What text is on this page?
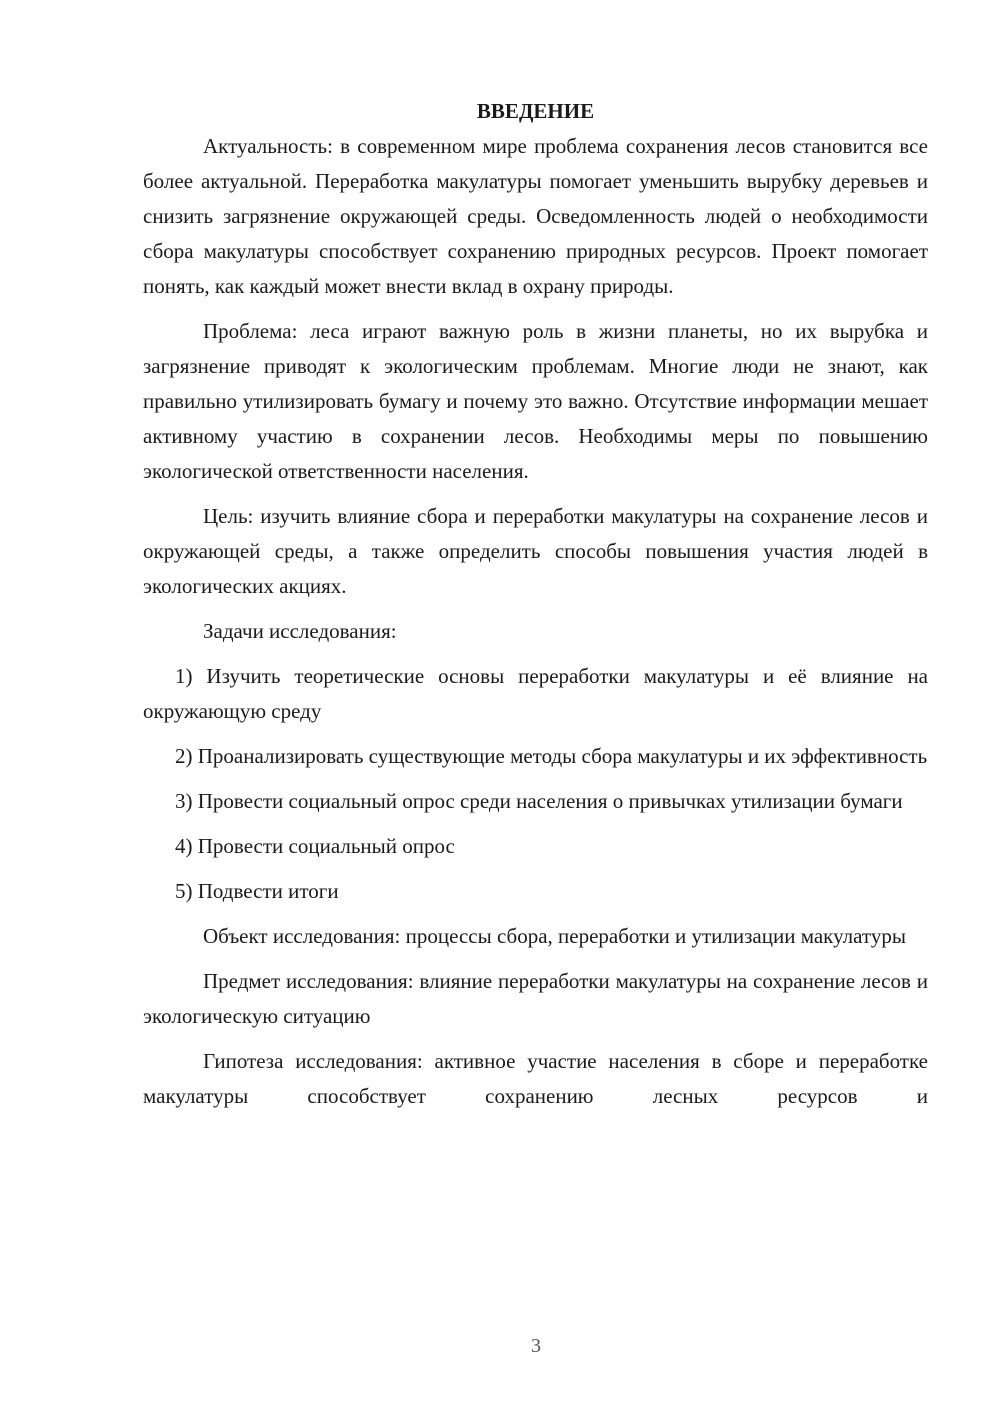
ВВЕДЕНИЕ

Актуальность: в современном мире проблема сохранения лесов становится все более актуальной. Переработка макулатуры помогает уменьшить вырубку деревьев и снизить загрязнение окружающей среды. Осведомленность людей о необходимости сбора макулатуры способствует сохранению природных ресурсов. Проект помогает понять, как каждый может внести вклад в охрану природы.

Проблема: леса играют важную роль в жизни планеты, но их вырубка и загрязнение приводят к экологическим проблемам. Многие люди не знают, как правильно утилизировать бумагу и почему это важно. Отсутствие информации мешает активному участию в сохранении лесов. Необходимы меры по повышению экологической ответственности населения.

Цель: изучить влияние сбора и переработки макулатуры на сохранение лесов и окружающей среды, а также определить способы повышения участия людей в экологических акциях.

Задачи исследования:

1) Изучить теоретические основы переработки макулатуры и её влияние на окружающую среду

2) Проанализировать существующие методы сбора макулатуры и их эффективность

3) Провести социальный опрос среди населения о привычках утилизации бумаги

4) Провести социальный опрос

5) Подвести итоги

Объект исследования: процессы сбора, переработки и утилизации макулатуры

Предмет исследования: влияние переработки макулатуры на сохранение лесов и экологическую ситуацию

Гипотеза исследования: активное участие населения в сборе и переработке макулатуры способствует сохранению лесных ресурсов и

3
